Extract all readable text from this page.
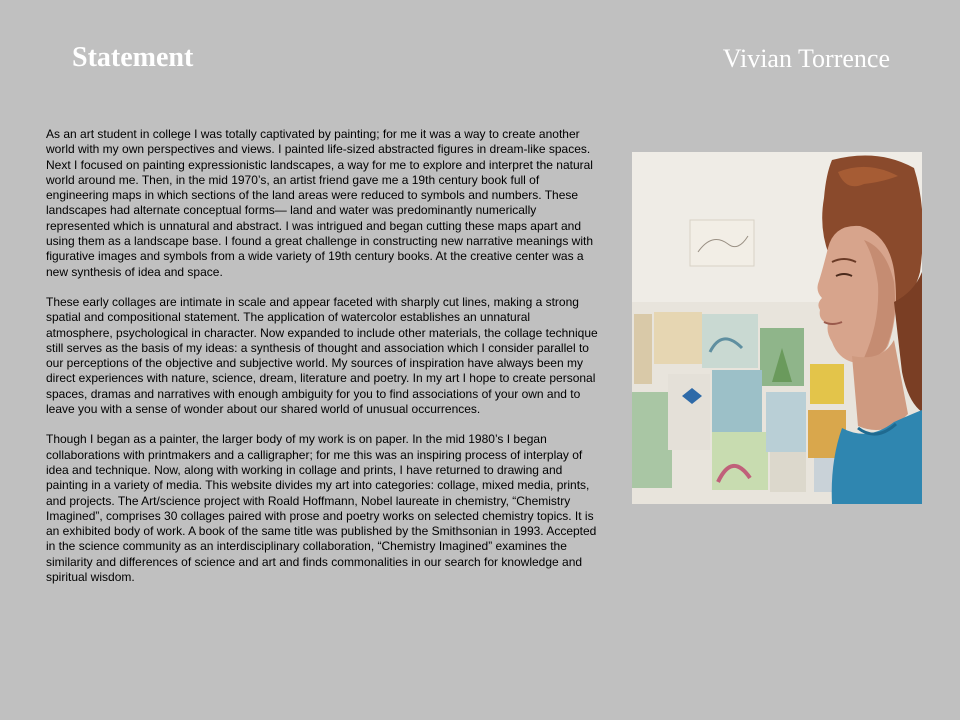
Statement	Vivian Torrence

As an art student in college I was totally captivated by painting; for me it was a way to create another world with my own perspectives and views. I painted life-sized abstracted figures in dream-like spaces. Next I focused on painting expressionistic landscapes, a way for me to explore and interpret the natural world around me. Then, in the mid 1970’s, an artist friend gave me a 19th century book full of engineering maps in which sections of the land areas were reduced to symbols and numbers. These landscapes had alternate conceptual forms— land and water was predominantly numerically represented which is unnatural and abstract. I was intrigued and began cutting these maps apart and using them as a landscape base. I found a great challenge in constructing new narrative meanings with figurative images and symbols from a wide variety of 19th century books. At the creative center was a new synthesis of idea and space.

These early collages are intimate in scale and appear faceted with sharply cut lines, making a strong spatial and compositional statement. The application of watercolor establishes an unnatural atmosphere, psychological in character. Now expanded to include other materials, the collage technique still serves as the basis of my ideas: a synthesis of thought and association which I consider parallel to our perceptions of the objective and subjective world. My sources of inspiration have always been my direct experiences with nature, science, dream, literature and poetry. In my art I hope to create personal spaces, dramas and narratives with enough ambiguity for you to find associations of your own and to leave you with a sense of wonder about our shared world of unusual occurrences.

Though I began as a painter, the larger body of my work is on paper. In the mid 1980’s I began collaborations with printmakers and a calligrapher; for me this was an inspiring process of interplay of idea and technique. Now, along with working in collage and prints, I have returned to drawing and painting in a variety of media. This website divides my art into categories: collage, mixed media, prints, and projects. The Art/science project with Roald Hoffmann, Nobel laureate in chemistry, “Chemistry Imagined”, comprises 30 collages paired with prose and poetry works on selected chemistry topics. It is an exhibited body of work. A book of the same title was published by the Smithsonian in 1993. Accepted in the science community as an interdisciplinary collaboration, “Chemistry Imagined” examines the similarity and differences of science and art and finds commonalities in our search for knowledge and spiritual wisdom.
